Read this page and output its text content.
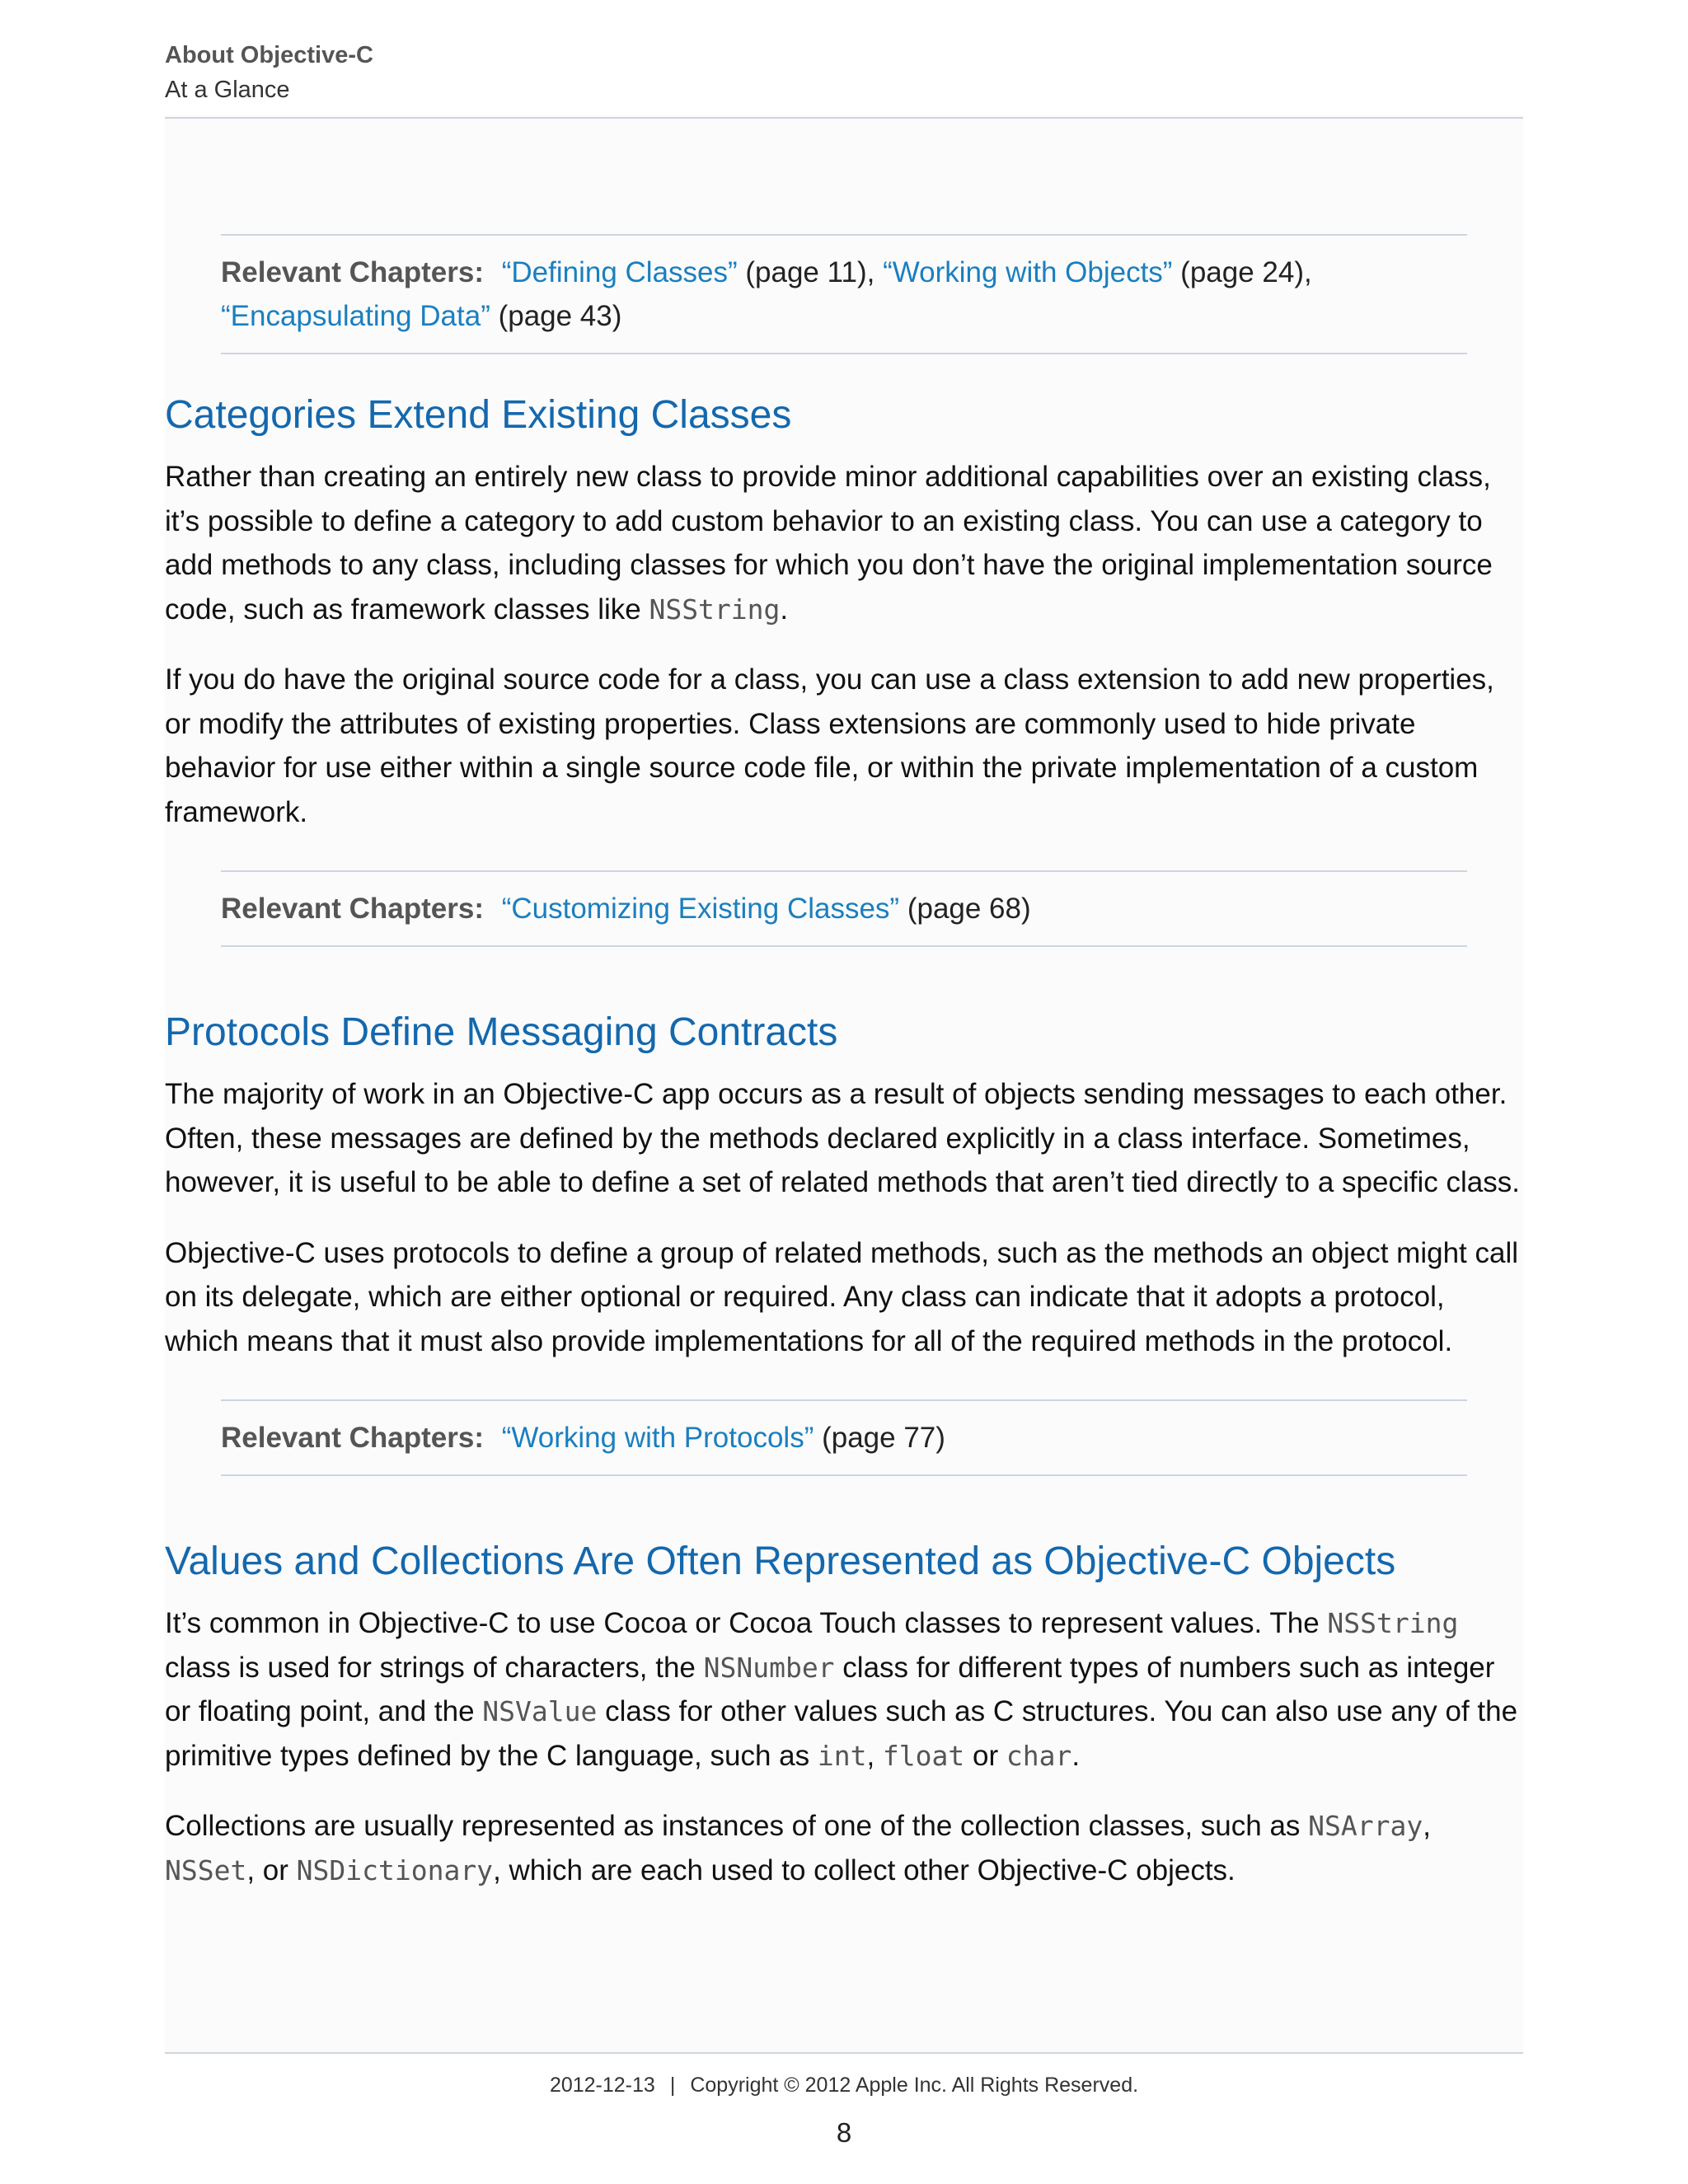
About Objective-C
At a Glance
Relevant Chapters: “Defining Classes” (page 11), “Working with Objects” (page 24), “Encapsulating Data” (page 43)
Categories Extend Existing Classes

Rather than creating an entirely new class to provide minor additional capabilities over an existing class, it’s possible to define a category to add custom behavior to an existing class. You can use a category to add methods to any class, including classes for which you don’t have the original implementation source code, such as framework classes like NSString.

If you do have the original source code for a class, you can use a class extension to add new properties, or modify the attributes of existing properties. Class extensions are commonly used to hide private behavior for use either within a single source code file, or within the private implementation of a custom framework.

Relevant Chapters: “Customizing Existing Classes” (page 68)
Protocols Define Messaging Contracts

The majority of work in an Objective-C app occurs as a result of objects sending messages to each other. Often, these messages are defined by the methods declared explicitly in a class interface. Sometimes, however, it is useful to be able to define a set of related methods that aren’t tied directly to a specific class.

Objective-C uses protocols to define a group of related methods, such as the methods an object might call on its delegate, which are either optional or required. Any class can indicate that it adopts a protocol, which means that it must also provide implementations for all of the required methods in the protocol.

Relevant Chapters: “Working with Protocols” (page 77)
Values and Collections Are Often Represented as Objective-C Objects

It’s common in Objective-C to use Cocoa or Cocoa Touch classes to represent values. The NSString class is used for strings of characters, the NSNumber class for different types of numbers such as integer or floating point, and the NSValue class for other values such as C structures. You can also use any of the primitive types defined by the C language, such as int, float or char.

Collections are usually represented as instances of one of the collection classes, such as NSArray, NSSet, or NSDictionary, which are each used to collect other Objective-C objects.

2012-12-13 | Copyright © 2012 Apple Inc. All Rights Reserved.
8
